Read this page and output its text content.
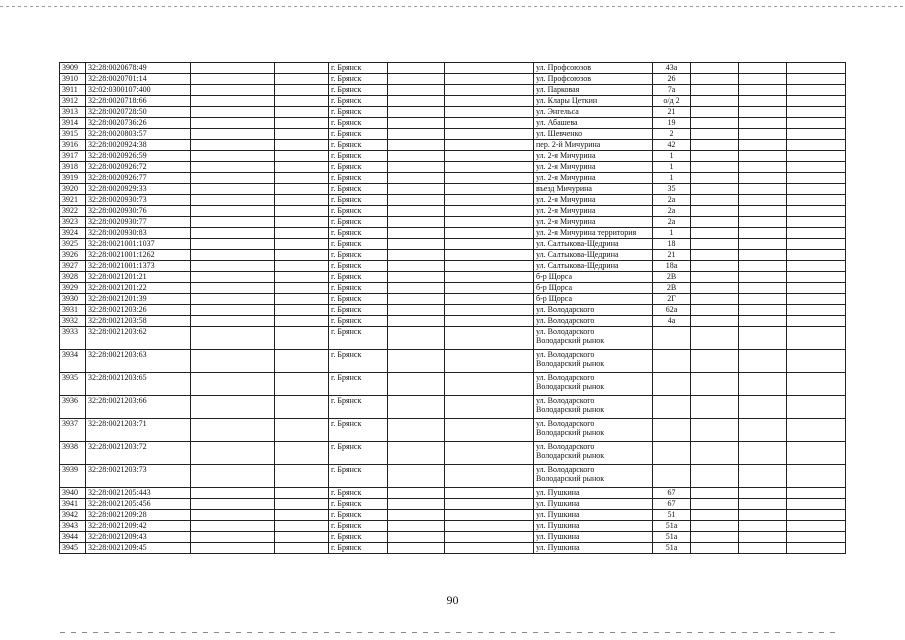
3909	32:28:0020678:49			г. Брянск			ул. Профсоюзов	43а			
3910	32:28:0020701:14			г. Брянск			ул. Профсоюзов	26			
3911	32:02:0300107:400			г. Брянск			ул. Парковая	7а			
3912	32:28:0020718:66			г. Брянск			ул. Клары Цеткин	о/д 2			
3913	32:28:0020728:50			г. Брянск			ул. Энгельса	21			
3914	32:28:0020736:26			г. Брянск			ул. Абашева	19			
3915	32:28:0020803:57			г. Брянск			ул. Шевченко	2			
3916	32:28:0020924:38			г. Брянск			пер. 2-й Мичурина	42			
3917	32:28:0020926:59			г. Брянск			ул. 2-я Мичурина	1			
3918	32:28:0020926:72			г. Брянск			ул. 2-я Мичурина	1			
3919	32:28:0020926:77			г. Брянск			ул. 2-я Мичурина	1			
3920	32:28:0020929:33			г. Брянск			въезд Мичурина	35			
3921	32:28:0020930:73			г. Брянск			ул. 2-я Мичурина	2а			
3922	32:28:0020930:76			г. Брянск			ул. 2-я Мичурина	2а			
3923	32:28:0020930:77			г. Брянск			ул. 2-я Мичурина	2а			
3924	32:28:0020930:83			г. Брянск			ул. 2-я Мичурина территория	1			
3925	32:28:0021001:1037			г. Брянск			ул. Салтыкова-Щедрина	18			
3926	32:28:0021001:1262			г. Брянск			ул. Салтыкова-Щедрина	21			
3927	32:28:0021001:1373			г. Брянск			ул. Салтыкова-Щедрина	18а			
3928	32:28:0021201:21			г. Брянск			б-р Щорса	2В			
3929	32:28:0021201:22			г. Брянск			б-р Щорса	2В			
3930	32:28:0021201:39			г. Брянск			б-р Щорса	2Г			
3931	32:28:0021203:26			г. Брянск			ул. Володарского	62а			
3932	32:28:0021203:58			г. Брянск			ул. Володарского	4а			
3933	32:28:0021203:62			г. Брянск			ул. Володарского
Володарский рынок				
3934	32:28:0021203:63			г. Брянск			ул. Володарского
Володарский рынок				
3935	32:28:0021203:65			г. Брянск			ул. Володарского
Володарский рынок				
3936	32:28:0021203:66			г. Брянск			ул. Володарского
Володарский рынок				
3937	32:28:0021203:71			г. Брянск			ул. Володарского
Володарский рынок				
3938	32:28:0021203:72			г. Брянск			ул. Володарского
Володарский рынок				
3939	32:28:0021203:73			г. Брянск			ул. Володарского
Володарский рынок				
3940	32:28:0021205:443			г. Брянск			ул. Пушкина	67			
3941	32:28:0021205:456			г. Брянск			ул. Пушкина	67			
3942	32:28:0021209:28			г. Брянск			ул. Пушкина	51			
3943	32:28:0021209:42			г. Брянск			ул. Пушкина	51а			
3944	32:28:0021209:43			г. Брянск			ул. Пушкина	51а			
3945	32:28:0021209:45			г. Брянск			ул. Пушкина	51а			
90
